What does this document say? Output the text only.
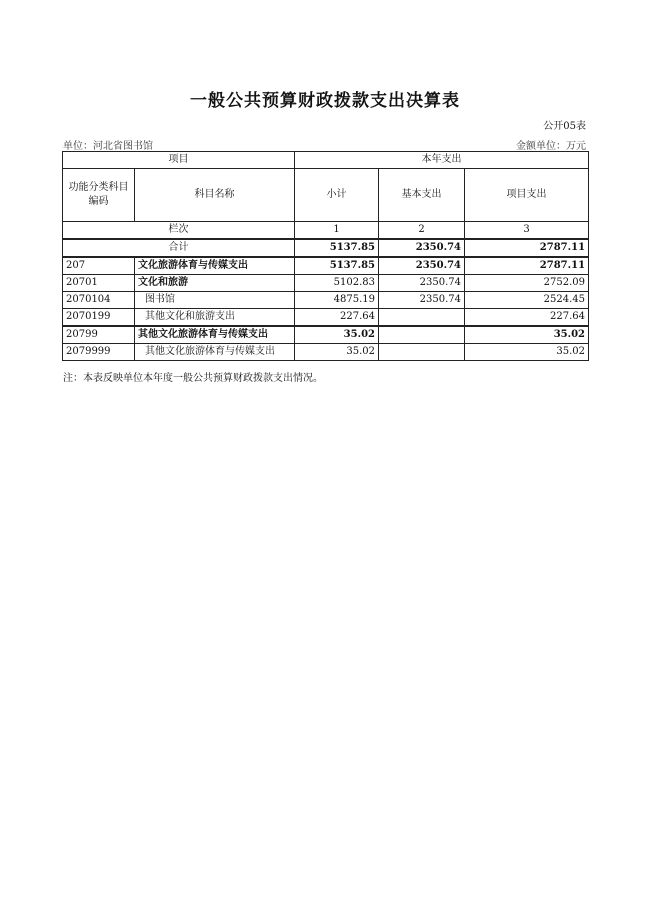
一般公共预算财政拨款支出决算表
公开05表
单位：河北省图书馆	金额单位：万元
项目		本年支出		
功能分类科目编码	科目名称	小计	基本支出	项目支出
栏次		1	2	3
合计		5137.85	2350.74	2787.11
207	文化旅游体育与传媒支出	5137.85	2350.74	2787.11
20701	文化和旅游	5102.83	2350.74	2752.09
2070104	图书馆	4875.19	2350.74	2524.45
2070199	其他文化和旅游支出	227.64		227.64
20799	其他文化旅游体育与传媒支出	35.02		35.02
2079999	其他文化旅游体育与传媒支出	35.02		35.02
注：本表反映单位本年度一般公共预算财政拨款支出情况。
